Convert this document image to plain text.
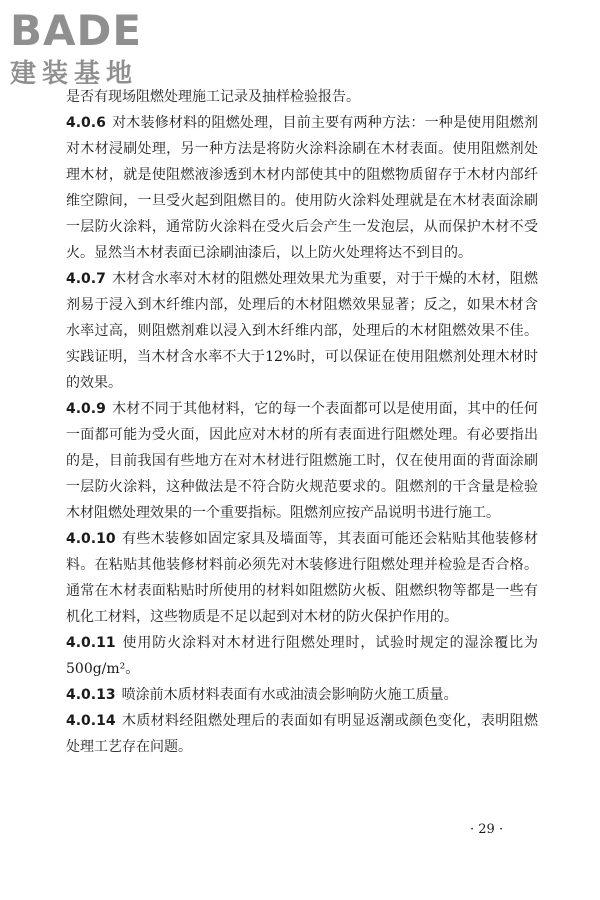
BADE
建装基地

是否有现场阻燃处理施工记录及抽样检验报告。

4.0.6 对木装修材料的阻燃处理，目前主要有两种方法：一种是使用阻燃剂对木材浸刷处理，另一种方法是将防火涂料涂刷在木材表面。使用阻燃剂处理木材，就是使阻燃液渗透到木材内部使其中的阻燃物质留存于木材内部纤维空隙间，一旦受火起到阻燃目的。使用防火涂料处理就是在木材表面涂刷一层防火涂料，通常防火涂料在受火后会产生一发泡层，从而保护木材不受火。显然当木材表面已涂刷油漆后，以上防火处理将达不到目的。

4.0.7 木材含水率对木材的阻燃处理效果尤为重要，对于干燥的木材，阻燃剂易于浸入到木纤维内部，处理后的木材阻燃效果显著；反之，如果木材含水率过高，则阻燃剂难以浸入到木纤维内部，处理后的木材阻燃效果不佳。实践证明，当木材含水率不大于12%时，可以保证在使用阻燃剂处理木材时的效果。

4.0.9 木材不同于其他材料，它的每一个表面都可以是使用面，其中的任何一面都可能为受火面，因此应对木材的所有表面进行阻燃处理。有必要指出的是，目前我国有些地方在对木材进行阻燃施工时，仅在使用面的背面涂刷一层防火涂料，这种做法是不符合防火规范要求的。阻燃剂的干含量是检验木材阻燃处理效果的一个重要指标。阻燃剂应按产品说明书进行施工。

4.0.10 有些木装修如固定家具及墙面等，其表面可能还会粘贴其他装修材料。在粘贴其他装修材料前必须先对木装修进行阻燃处理并检验是否合格。通常在木材表面粘贴时所使用的材料如阻燃防火板、阻燃织物等都是一些有机化工材料，这些物质是不足以起到对木材的防火保护作用的。

4.0.11 使用防火涂料对木材进行阻燃处理时，试验时规定的湿涂覆比为500g/m²。

4.0.13 喷涂前木质材料表面有水或油渍会影响防火施工质量。

4.0.14 木质材料经阻燃处理后的表面如有明显返潮或颜色变化，表明阻燃处理工艺存在问题。

· 29 ·
